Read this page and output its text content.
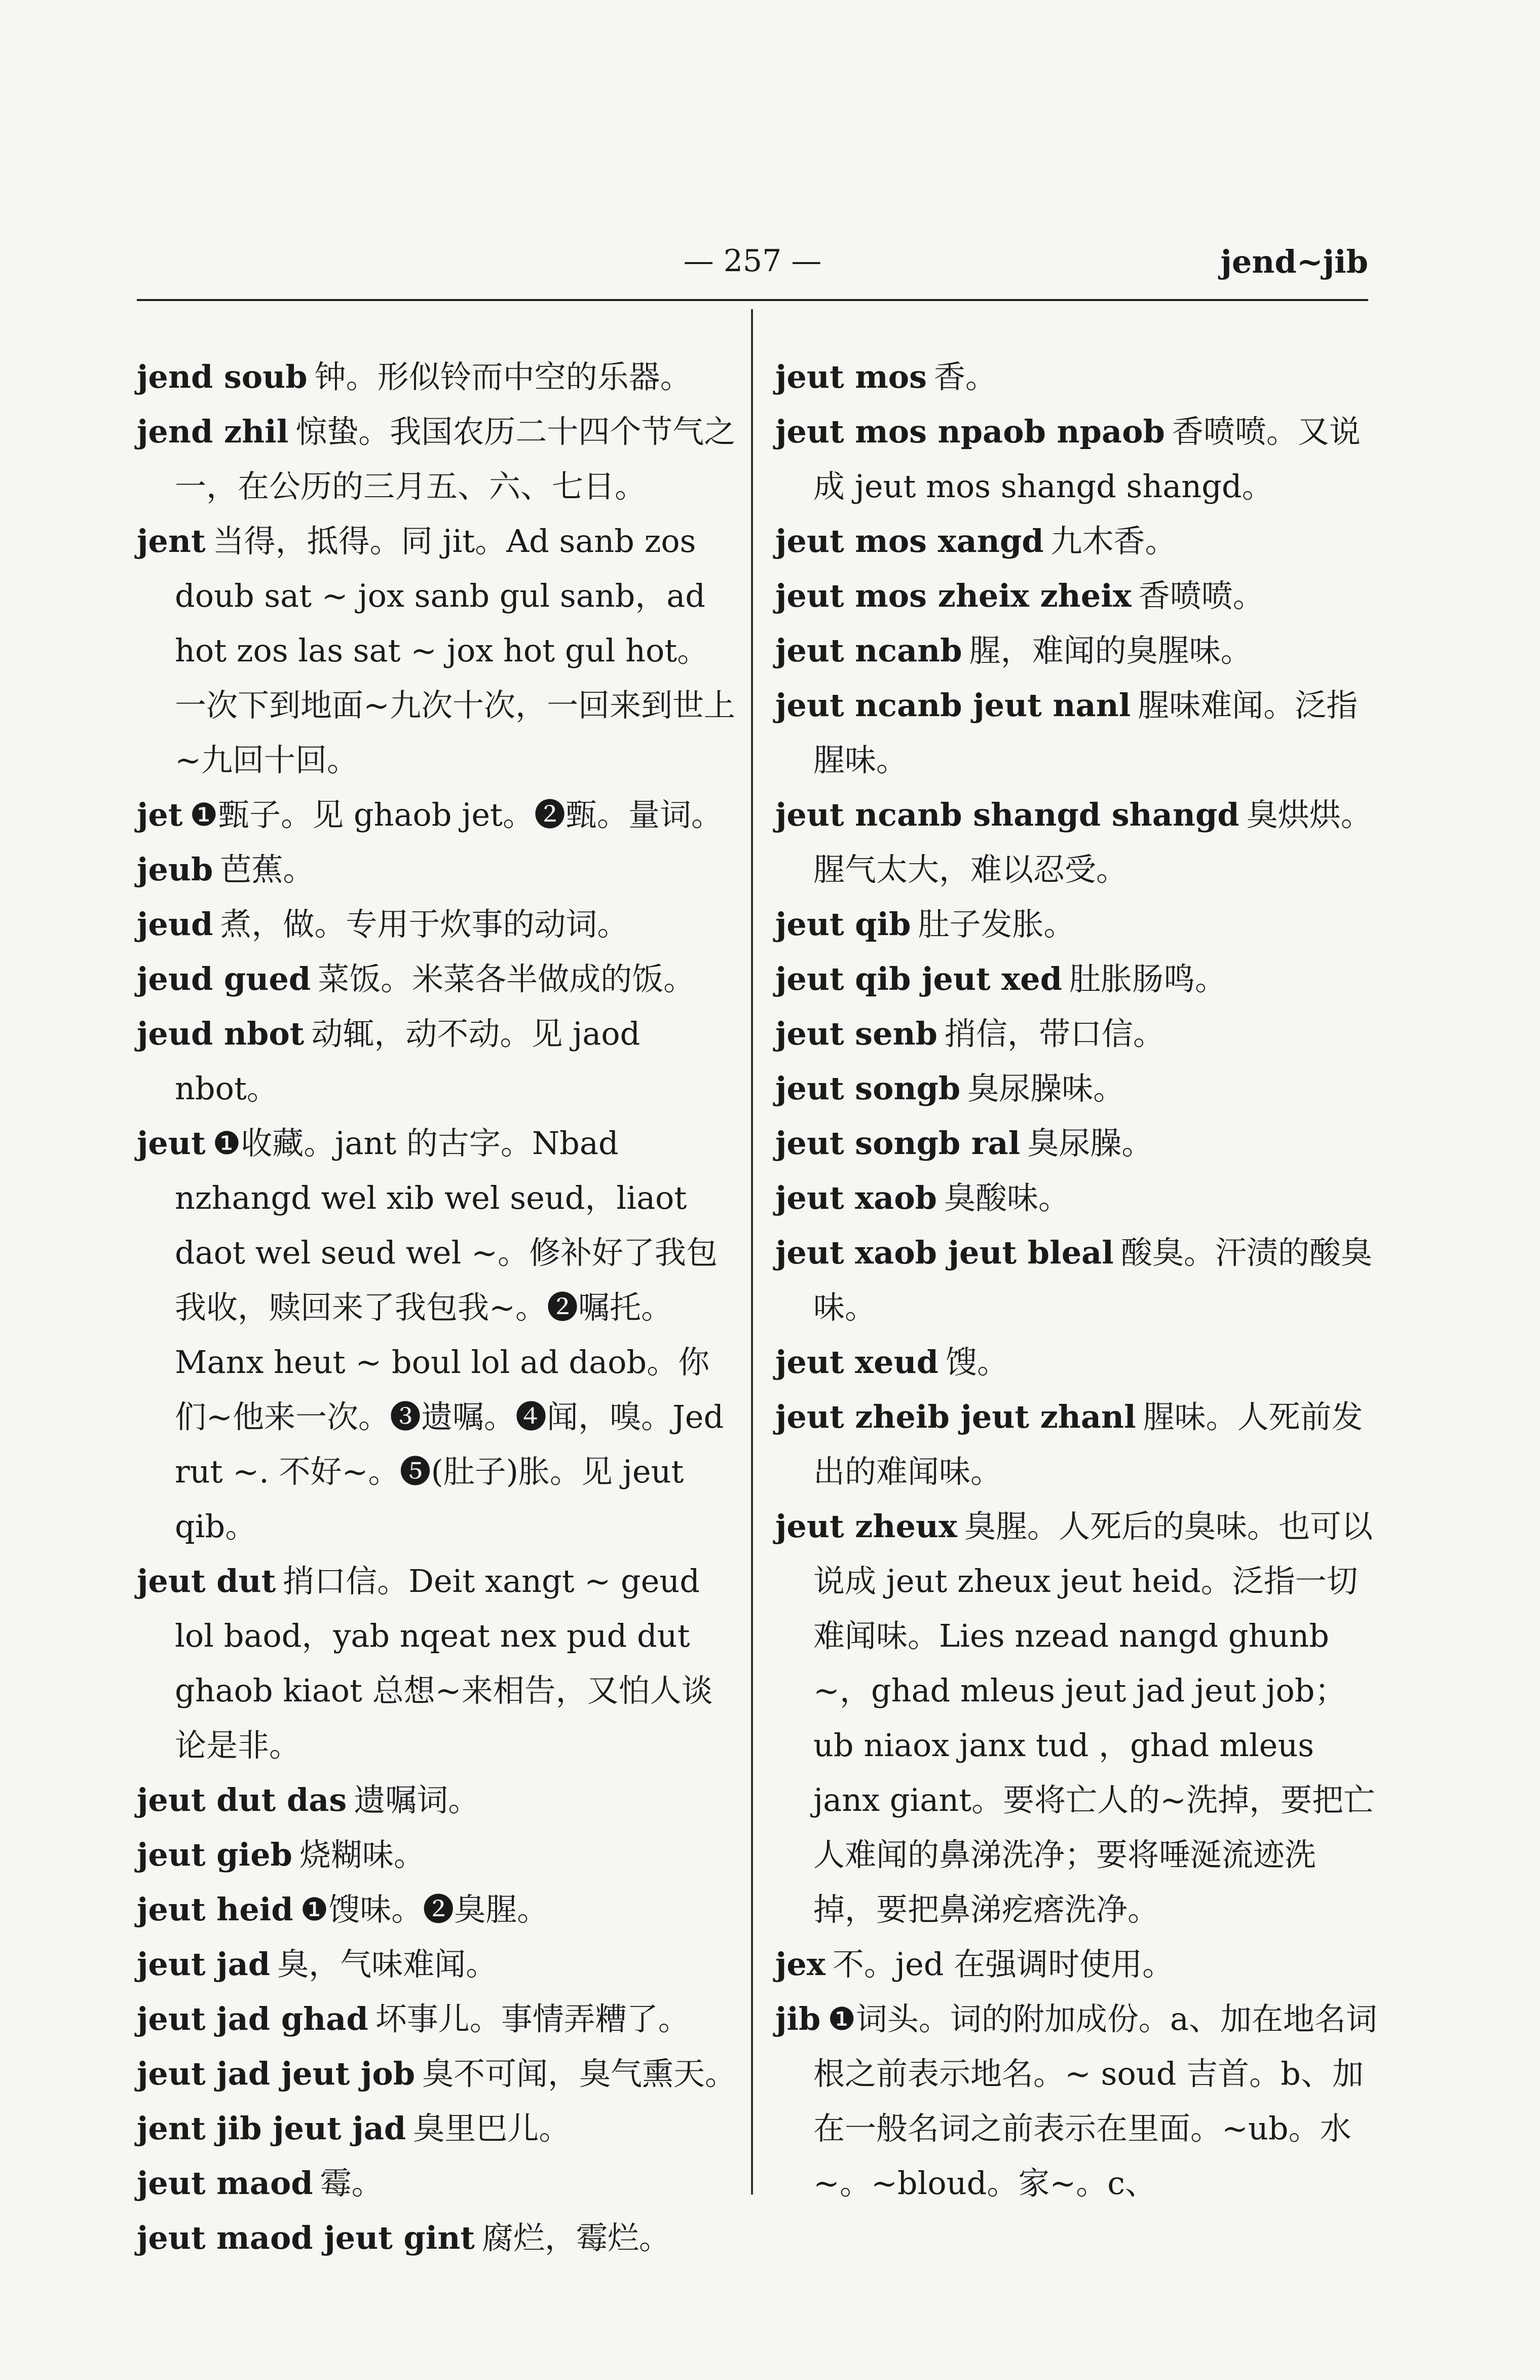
— 257 —	jend~jib

jend soub 钟。形似铃而中空的乐器。

jend zhil 惊蛰。我国农历二十四个节气之一，在公历的三月五、六、七日。

jent 当得，抵得。同 jit。Ad sanb zos doub sat ~ jox sanb gul sanb，ad hot zos las sat ~ jox hot gul hot。一次下到地面~九次十次，一回来到世上~九回十回。

jet ❶甄子。见 ghaob jet。❷甄。量词。

jeub 芭蕉。

jeud 煮，做。专用于炊事的动词。

jeud gued 菜饭。米菜各半做成的饭。

jeud nbot 动辄，动不动。见 jaod nbot。

jeut ❶收藏。jant 的古字。Nbad nzhangd wel xib wel seud，liaot daot wel seud wel ~。修补好了我包我收，赎回来了我包我~。❷嘱托。Manx heut ~ boul lol ad daob。你们~他来一次。❸遗嘱。❹闻，嗅。Jed rut ~. 不好~。❺(肚子)胀。见 jeut qib。

jeut dut 捎口信。Deit xangt ~ geud lol baod，yab nqeat nex pud dut ghaob kiaot 总想~来相告，又怕人谈论是非。

jeut dut das 遗嘱词。

jeut gieb 烧糊味。

jeut heid ❶馊味。❷臭腥。

jeut jad 臭，气味难闻。

jeut jad ghad 坏事儿。事情弄糟了。

jeut jad jeut job 臭不可闻，臭气熏天。

jent jib jeut jad 臭里巴儿。

jeut maod 霉。

jeut maod jeut gint 腐烂，霉烂。

jeut mos 香。

jeut mos npaob npaob 香喷喷。又说成 jeut mos shangd shangd。

jeut mos xangd 九木香。

jeut mos zheix zheix 香喷喷。

jeut ncanb 腥，难闻的臭腥味。

jeut ncanb jeut nanl 腥味难闻。泛指腥味。

jeut ncanb shangd shangd 臭烘烘。腥气太大，难以忍受。

jeut qib 肚子发胀。

jeut qib jeut xed 肚胀肠鸣。

jeut senb 捎信，带口信。

jeut songb 臭尿臊味。

jeut songb ral 臭尿臊。

jeut xaob 臭酸味。

jeut xaob jeut bleal 酸臭。汗渍的酸臭味。

jeut xeud 馊。

jeut zheib jeut zhanl 腥味。人死前发出的难闻味。

jeut zheux 臭腥。人死后的臭味。也可以说成 jeut zheux jeut heid。泛指一切难闻味。Lies nzead nangd ghunb ~，ghad mleus jeut jad jeut job；ub niaox janx tud ，ghad mleus janx giant。要将亡人的~洗掉，要把亡人难闻的鼻涕洗净；要将唾涎流迹洗掉，要把鼻涕疙瘩洗净。

jex 不。jed 在强调时使用。

jib ❶词头。词的附加成份。a、加在地名词根之前表示地名。~ soud 吉首。b、加在一般名词之前表示在里面。~ub。水~。~bloud。家~。c、
